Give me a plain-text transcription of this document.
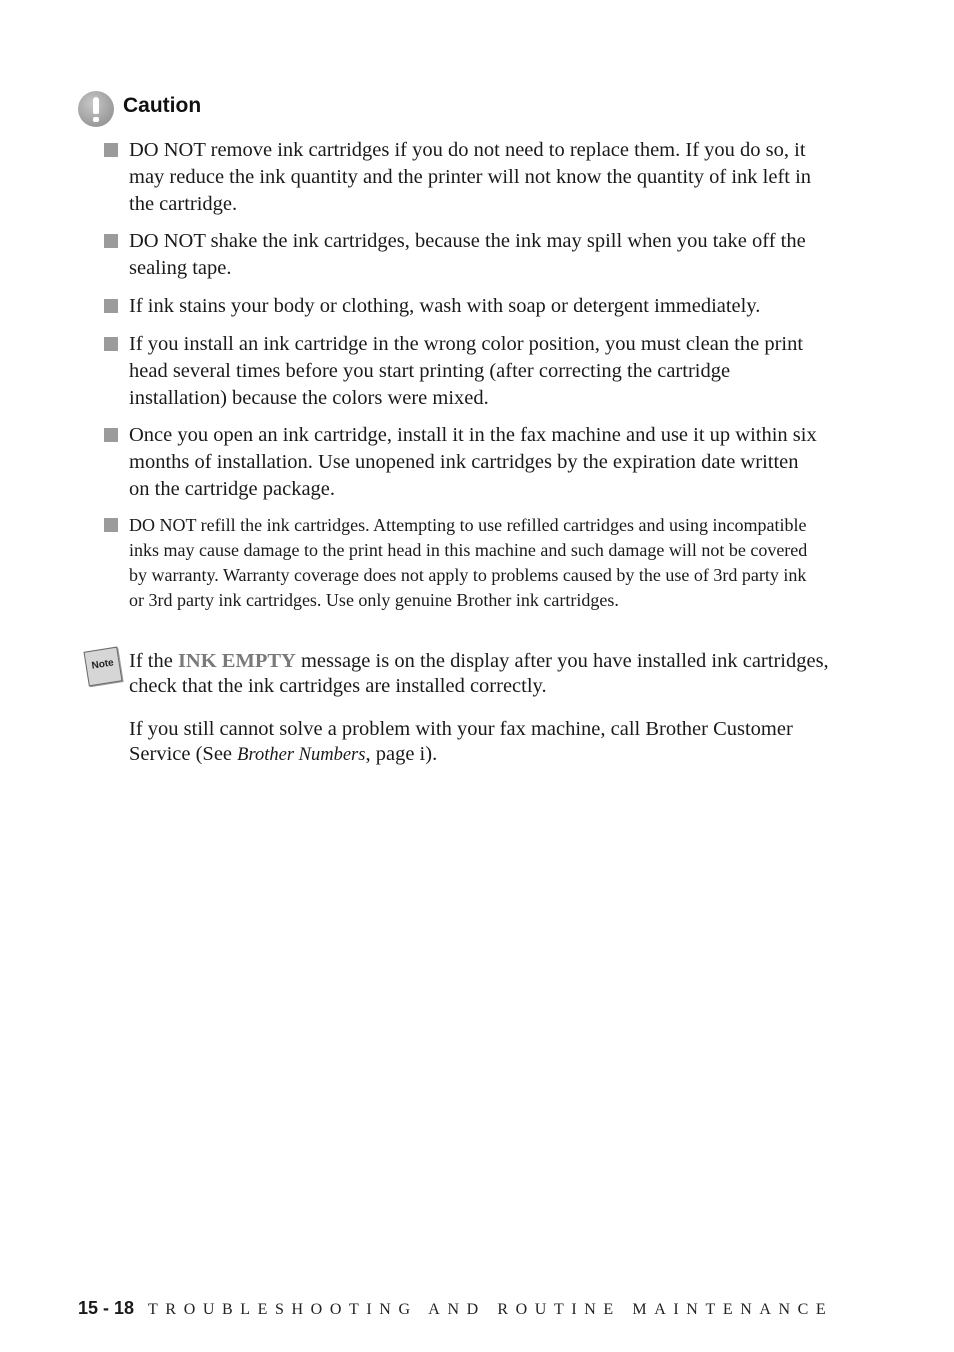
Caution
DO NOT remove ink cartridges if you do not need to replace them. If you do so, it may reduce the ink quantity and the printer will not know the quantity of ink left in the cartridge.
DO NOT shake the ink cartridges, because the ink may spill when you take off the sealing tape.
If ink stains your body or clothing, wash with soap or detergent immediately.
If you install an ink cartridge in the wrong color position, you must clean the print head several times before you start printing (after correcting the cartridge installation) because the colors were mixed.
Once you open an ink cartridge, install it in the fax machine and use it up within six months of installation. Use unopened ink cartridges by the expiration date written on the cartridge package.
DO NOT refill the ink cartridges. Attempting to use refilled cartridges and using incompatible inks may cause damage to the print head in this machine and such damage will not be covered by warranty. Warranty coverage does not apply to problems caused by the use of 3rd party ink or 3rd party ink cartridges. Use only genuine Brother ink cartridges.
Note If the INK EMPTY message is on the display after you have installed ink cartridges, check that the ink cartridges are installed correctly.

If you still cannot solve a problem with your fax machine, call Brother Customer Service (See Brother Numbers, page i).

15 - 18 TROUBLESHOOTING AND ROUTINE MAINTENANCE
